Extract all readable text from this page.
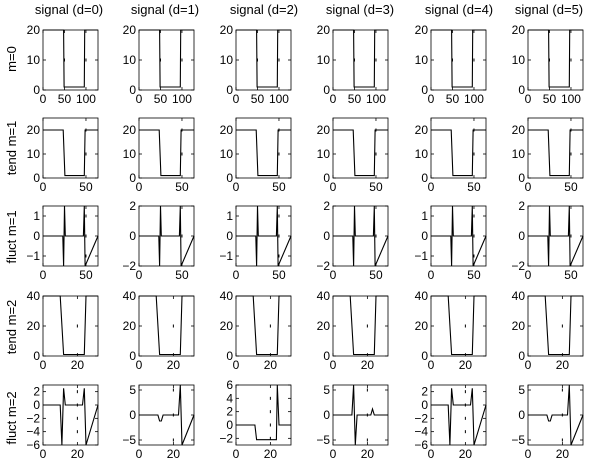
signal (d=0) signal (d=1) signal (d=2) signal (d=3) signal (d=4) signal (d=5)
m=0
tend m=1
fluct m=1
tend m=2
fluct m=2
0 50 100
0
10
20
0 50 100
0
10
20
0 50 100
0
10
20
0 50 100
0
10
20
0 50 100
0
10
20
0 50 100
0
10
20
0	50
0
10
20
0	50
0
10
20
0	50
0
10
20
0	50
0
10
20
0	50
0
10
20
0	50
0
10
20
0	50
−1
0
1
0	50
−2
0
2
0	50
−1
0
1
0	50
−2
0
2
0	50
−1
0
1
0	50
−2
0
2
0 20
0
20
40
0 20
0
20
40
0 20
0
20
40
0 20
0
20
40
0 20
0
20
40
0 20
0
20
40
0 20
−6
−4
−2
0
2
0 20
−5
0
5
0 20
−2
0
2
4
6
0 20
−5
0
5
0 20
−6
−4
−2
0
2
0 20
−5
0
5
